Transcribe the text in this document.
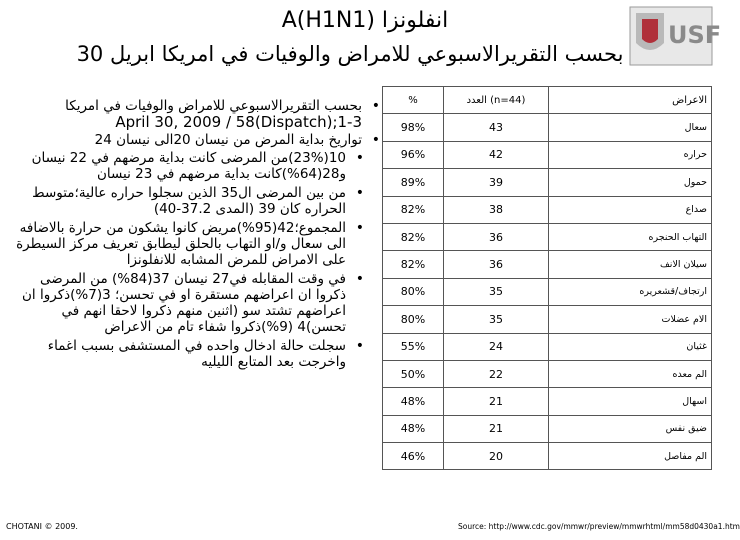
USF
A(H1N1) انفلونزا
بحسب التقريرالاسبوعي للامراض والوفيات في امريكا ابريل 30
• بحسب التقريرالاسبوعي للامراض والوفيات في امريكا
April 30, 2009 / 58(Dispatch);1-3
• تواريخ بداية المرض من نيسان 20الى نيسان 24
• 10(23%)من المرضى كانت بداية مرضهم في 22 نيسان و28(64%)كانت بداية مرضهم في 23 نيسان
• من بين المرضى ال35 الذين سجلوا حراره عالية؛متوسط الحراره كان 39 (المدى 37.2-40)
• المجموع؛42(95%)مريض كانوا يشكون من حرارة بالاضافه الى سعال و/او التهاب بالحلق ليطابق تعريف مركز السيطرة على الامراض للمرض المشابه للانفلونزا
• في وقت المقابله في27 نيسان 37(84%) من المرضى ذكروا ان اعراضهم مستقرة او في تحسن؛ 3(7%)ذكروا ان اعراضهم تشتد سو (اثنين منهم ذكروا لاحقا انهم في تحسن)4 (9%)ذكروا شفاء تام من الاعراض
• سجلت حالة ادخال واحده في المستشفى بسبب اغماء واخرجت بعد المتابع الليليه
%	العدد (n=44)	الاعراض
98%	43	سعال
96%	42	حراره
89%	39	حمول
82%	38	صداع
82%	36	التهاب الحنجره
82%	36	سيلان الانف
80%	35	ارتجاف/قشعريره
80%	35	الام عضلات
55%	24	غثيان
50%	22	الم معده
48%	21	اسهال
48%	21	ضيق نفس
46%	20	الم مفاصل
CHOTANI © 2009.	Source: http://www.cdc.gov/mmwr/preview/mmwrhtml/mm58d0430a1.htm
